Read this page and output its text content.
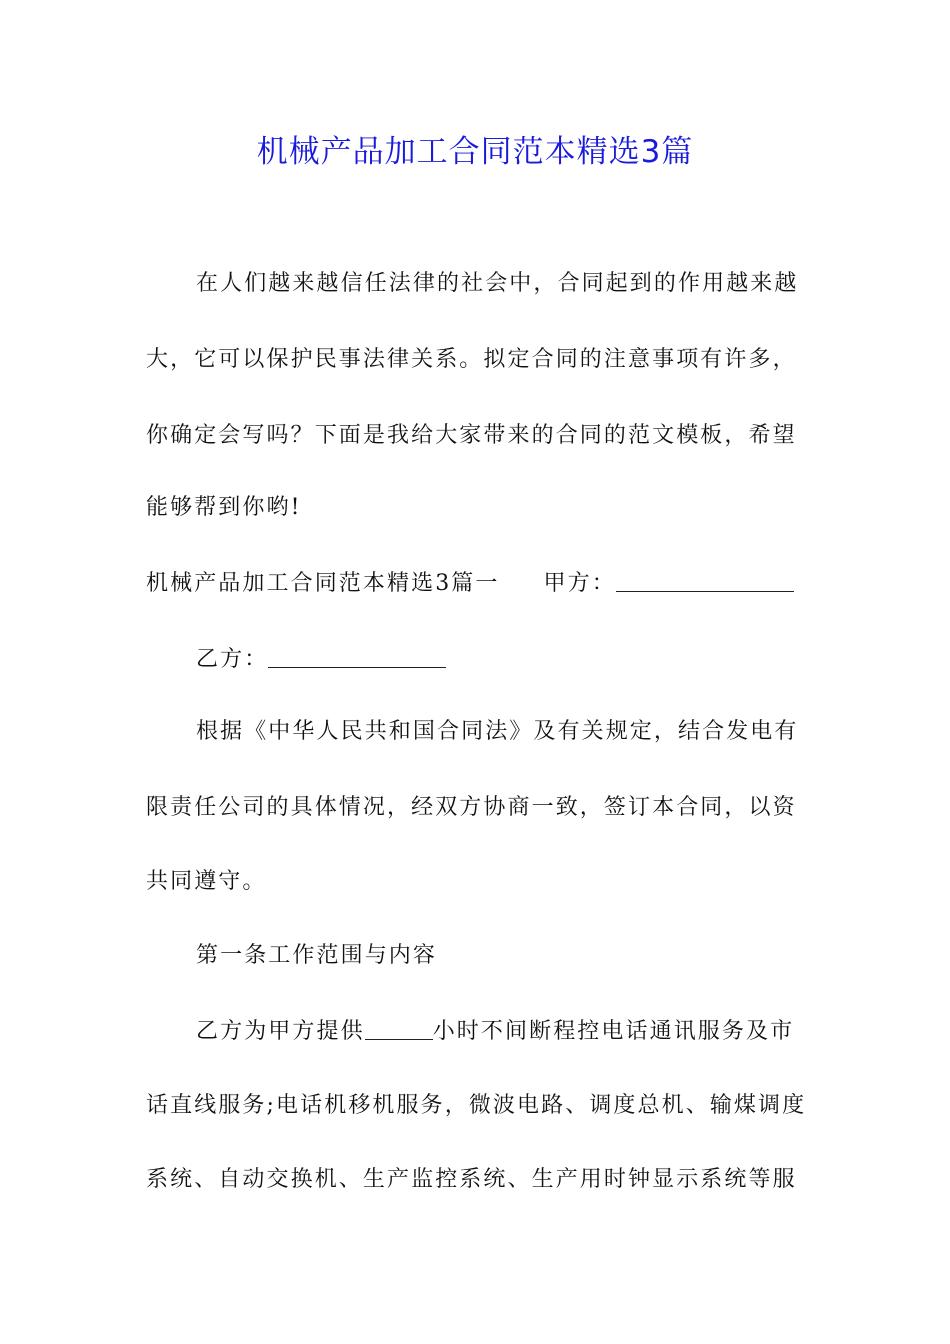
机械产品加工合同范本精选3篇
在人们越来越信任法律的社会中，合同起到的作用越来越
大，它可以保护民事法律关系。拟定合同的注意事项有许多，
你确定会写吗？下面是我给大家带来的合同的范文模板，希望
能够帮到你哟!
机械产品加工合同范本精选3篇一 甲方：
乙方：
根据《中华人民共和国合同法》及有关规定，结合发电有
限责任公司的具体情况，经双方协商一致，签订本合同，以资
共同遵守。
第一条工作范围与内容
乙方为甲方提供	小时不间断程控电话通讯服务及市
话直线服务;电话机移机服务，微波电路、调度总机、输煤调度
系统、自动交换机、生产监控系统、生产用时钟显示系统等服
